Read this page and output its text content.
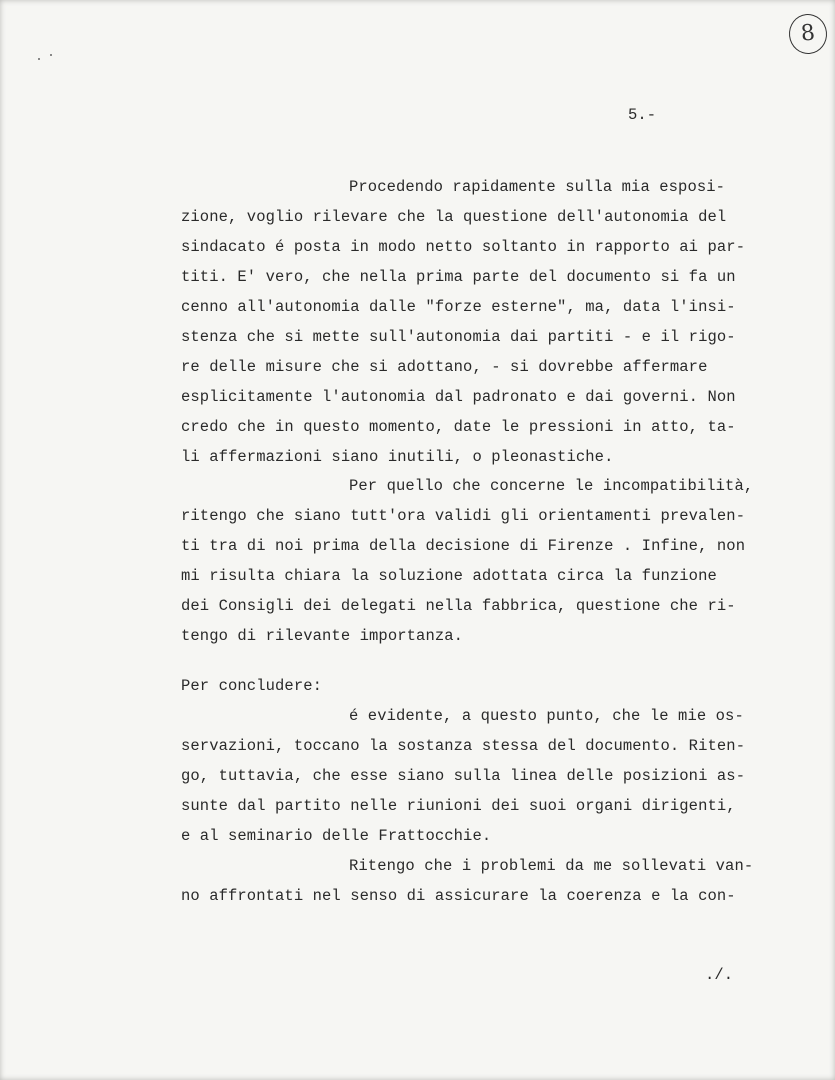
8
5.-
Procedendo rapidamente sulla mia esposi-
zione, voglio rilevare che la questione dell'autonomia del
sindacato é posta in modo netto soltanto in rapporto ai par-
titi. E' vero, che nella prima parte del documento si fa un
cenno all'autonomia dalle "forze esterne", ma, data l'insi-
stenza che si mette sull'autonomia dai partiti - e il rigo-
re delle misure che si adottano, - si dovrebbe affermare
esplicitamente l'autonomia dal padronato e dai governi. Non
credo che in questo momento, date le pressioni in atto, ta-
li affermazioni siano inutili, o pleonastiche.
Per quello che concerne le incompatibilità,
ritengo che siano tutt'ora validi gli orientamenti prevalen-
ti tra di noi prima della decisione di Firenze . Infine, non
mi risulta chiara la soluzione adottata circa la funzione
dei Consigli dei delegati nella fabbrica, questione che ri-
tengo di rilevante importanza.
Per concludere:
é evidente, a questo punto, che le mie os-
servazioni, toccano la sostanza stessa del documento. Riten-
go, tuttavia, che esse siano sulla linea delle posizioni as-
sunte dal partito nelle riunioni dei suoi organi dirigenti,
e al seminario delle Frattocchie.
Ritengo che i problemi da me sollevati van-
no affrontati nel senso di assicurare la coerenza e la con-
./.
